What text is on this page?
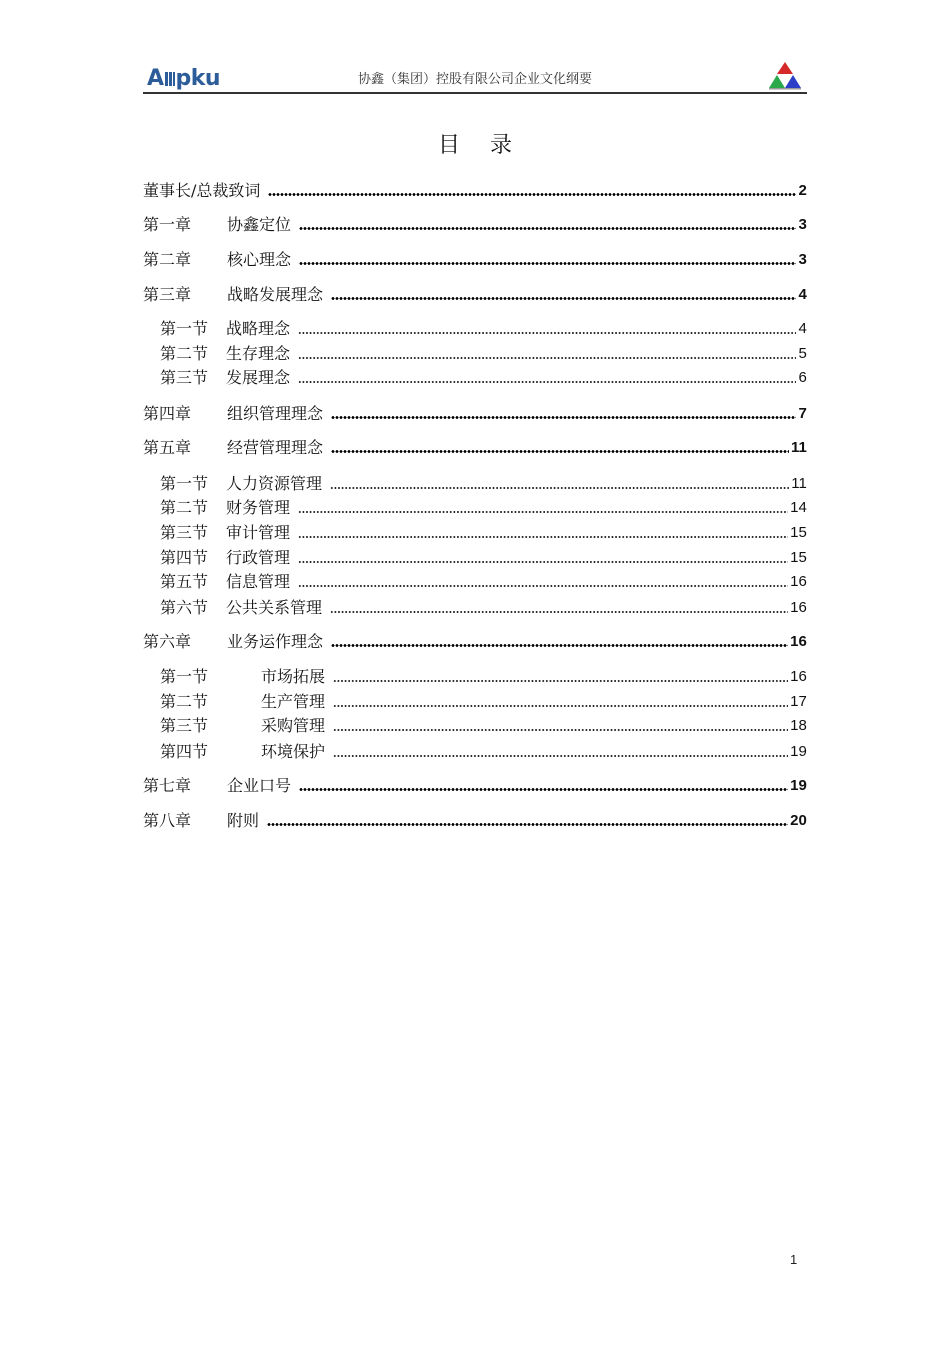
A pku	协鑫（集团）控股有限公司企业文化纲要
目录
董事长/总裁致词	2
第一章	协鑫定位	3
第二章	核心理念	3
第三章	战略发展理念	4
第一节	战略理念	4
第二节	生存理念	5
第三节	发展理念	6
第四章	组织管理理念	7
第五章	经营管理理念	11
第一节	人力资源管理	11
第二节	财务管理	14
第三节	审计管理	15
第四节	行政管理	15
第五节	信息管理	16
第六节	公共关系管理	16
第六章	业务运作理念	16
第一节	市场拓展	16
第二节	生产管理	17
第三节	采购管理	18
第四节	环境保护	19
第七章	企业口号	19
第八章	附则	20
1
